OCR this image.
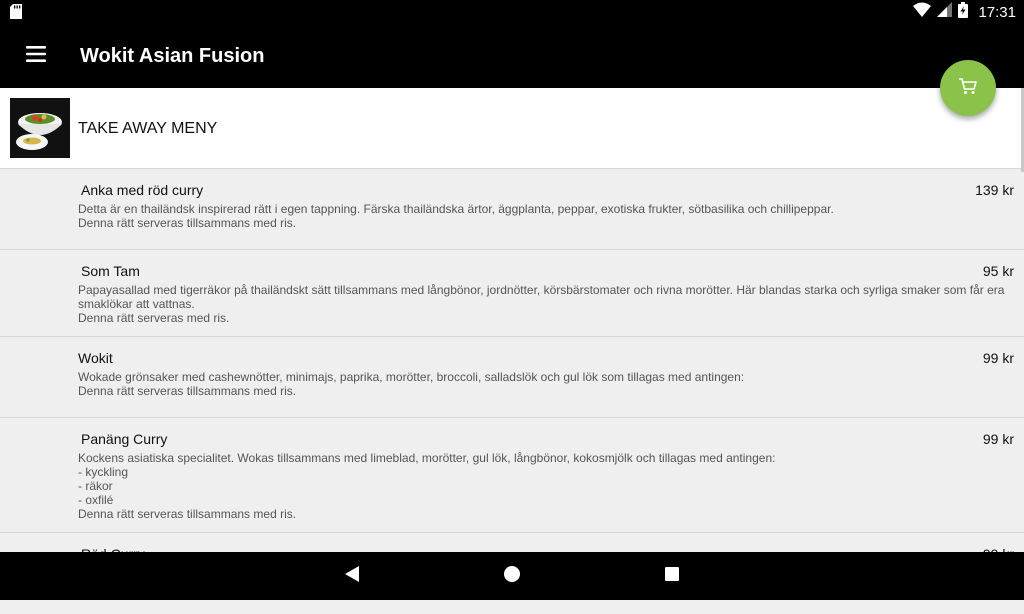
17:31
Wokit Asian Fusion
TAKE AWAY MENY
Anka med röd curry	139 kr
Detta är en thailändsk inspirerad rätt i egen tappning. Färska thailändska ärtor, äggplanta, peppar, exotiska frukter, sötbasilika och chillipeppar.
Denna rätt serveras tillsammans med ris.
Som Tam	95 kr
Papayasallad med tigerräkor på thailändskt sätt tillsammans med långbönor, jordnötter, körsbärstomater och rivna morötter. Här blandas starka och syrliga smaker som får era smaklökar att vattnas.
Denna rätt serveras med ris.
Wokit	99 kr
Wokade grönsaker med cashewnötter, minimajs, paprika, morötter, broccoli, salladslök och gul lök som tillagas med antingen:
Denna rätt serveras tillsammans med ris.
Panäng Curry	99 kr
Kockens asiatiska specialitet. Wokas tillsammans med limeblad, morötter, gul lök, långbönor, kokosmjölk och tillagas med antingen:
- kyckling
- räkor
- oxfilé
Denna rätt serveras tillsammans med ris.
